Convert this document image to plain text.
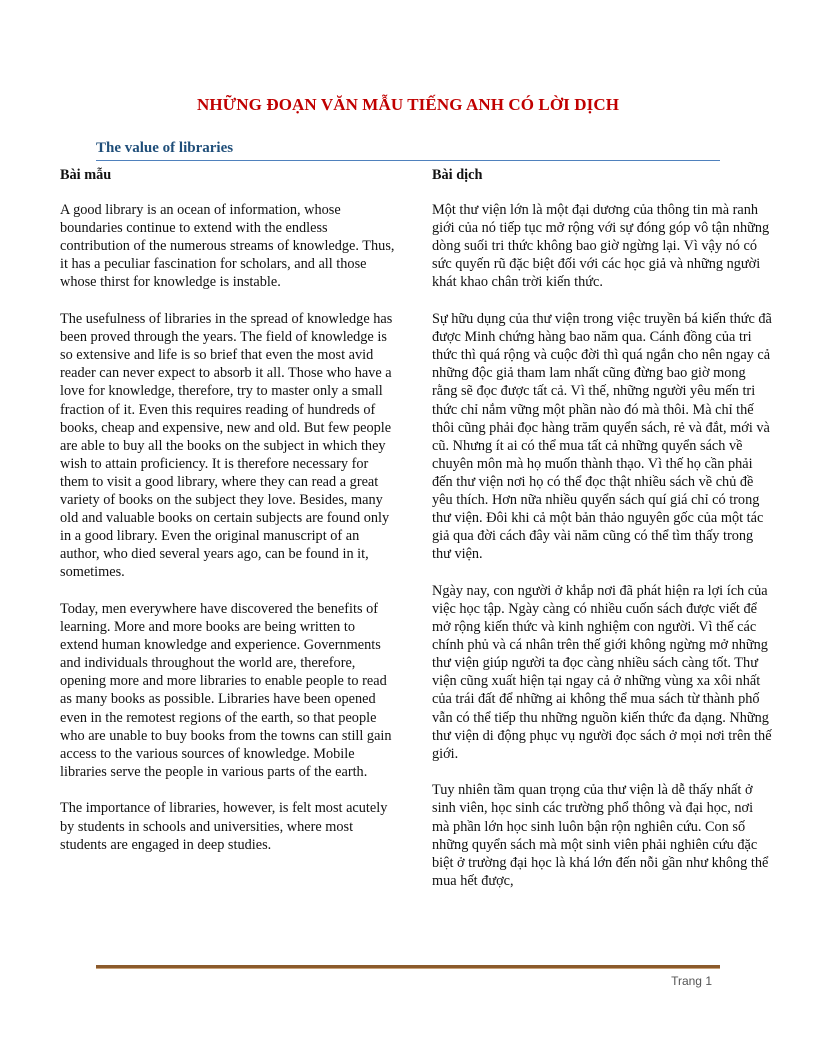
NHỮNG ĐOẠN VĂN MẪU TIẾNG ANH CÓ LỜI DỊCH
The value of libraries

Bài mẫu

A good library is an ocean of information, whose boundaries continue to extend with the endless contribution of the numerous streams of knowledge. Thus, it has a peculiar fascination for scholars, and all those whose thirst for knowledge is instable.

The usefulness of libraries in the spread of knowledge has been proved through the years. The field of knowledge is so extensive and life is so brief that even the most avid reader can never expect to absorb it all. Those who have a love for knowledge, therefore, try to master only a small fraction of it. Even this requires reading of hundreds of books, cheap and expensive, new and old. But few people are able to buy all the books on the subject in which they wish to attain proficiency. It is therefore necessary for them to visit a good library, where they can read a great variety of books on the subject they love. Besides, many old and valuable books on certain subjects are found only in a good library. Even the original manuscript of an author, who died several years ago, can be found in it, sometimes.

Today, men everywhere have discovered the benefits of learning. More and more books are being written to extend human knowledge and experience. Governments and individuals throughout the world are, therefore, opening more and more libraries to enable people to read as many books as possible. Libraries have been opened even in the remotest regions of the earth, so that people who are unable to buy books from the towns can still gain access to the various sources of knowledge. Mobile libraries serve the people in various parts of the earth.

The importance of libraries, however, is felt most acutely by students in schools and universities, where most students are engaged in deep studies.

Bài dịch

Một thư viện lớn là một đại dương của thông tin mà ranh giới của nó tiếp tục mở rộng với sự đóng góp vô tận những dòng suối tri thức không bao giờ ngừng lại. Vì vậy nó có sức quyến rũ đặc biệt đối với các học giả và những người khát khao chân trời kiến thức.

Sự hữu dụng của thư viện trong việc truyền bá kiến thức đã được Minh chứng hàng bao năm qua. Cánh đồng của tri thức thì quá rộng và cuộc đời thì quá ngắn cho nên ngay cả những độc giả tham lam nhất cũng đừng bao giờ mong rằng sẽ đọc được tất cả. Vì thế, những người yêu mến tri thức chỉ nắm vững một phần nào đó mà thôi. Mà chỉ thế thôi cũng phải đọc hàng trăm quyển sách, rẻ và đắt, mới và cũ. Nhưng ít ai có thể mua tất cả những quyển sách về chuyên môn mà họ muốn thành thạo. Vì thế họ cần phải đến thư viện nơi họ có thể đọc thật nhiều sách về chủ đề yêu thích. Hơn nữa nhiều quyển sách quí giá chỉ có trong thư viện. Đôi khi cả một bản thảo nguyên gốc của một tác giả qua đời cách đây vài năm cũng có thể tìm thấy trong thư viện.

Ngày nay, con người ở khắp nơi đã phát hiện ra lợi ích của việc học tập. Ngày càng có nhiều cuốn sách được viết để mở rộng kiến thức và kinh nghiệm con người. Vì thế các chính phủ và cá nhân trên thế giới không ngừng mở những thư viện giúp người ta đọc càng nhiều sách càng tốt. Thư viện cũng xuất hiện tại ngay cả ở những vùng xa xôi nhất của trái đất để những ai không thể mua sách từ thành phố vẫn có thể tiếp thu những nguồn kiến thức đa dạng. Những thư viện di động phục vụ người đọc sách ở mọi nơi trên thế giới.

Tuy nhiên tầm quan trọng của thư viện là dễ thấy nhất ở sinh viên, học sinh các trường phổ thông và đại học, nơi mà phần lớn học sinh luôn bận rộn nghiên cứu. Con số những quyển sách mà một sinh viên phải nghiên cứu đặc biệt ở trường đại học là khá lớn đến nỗi gần như không thể mua hết được,

Trang 1
